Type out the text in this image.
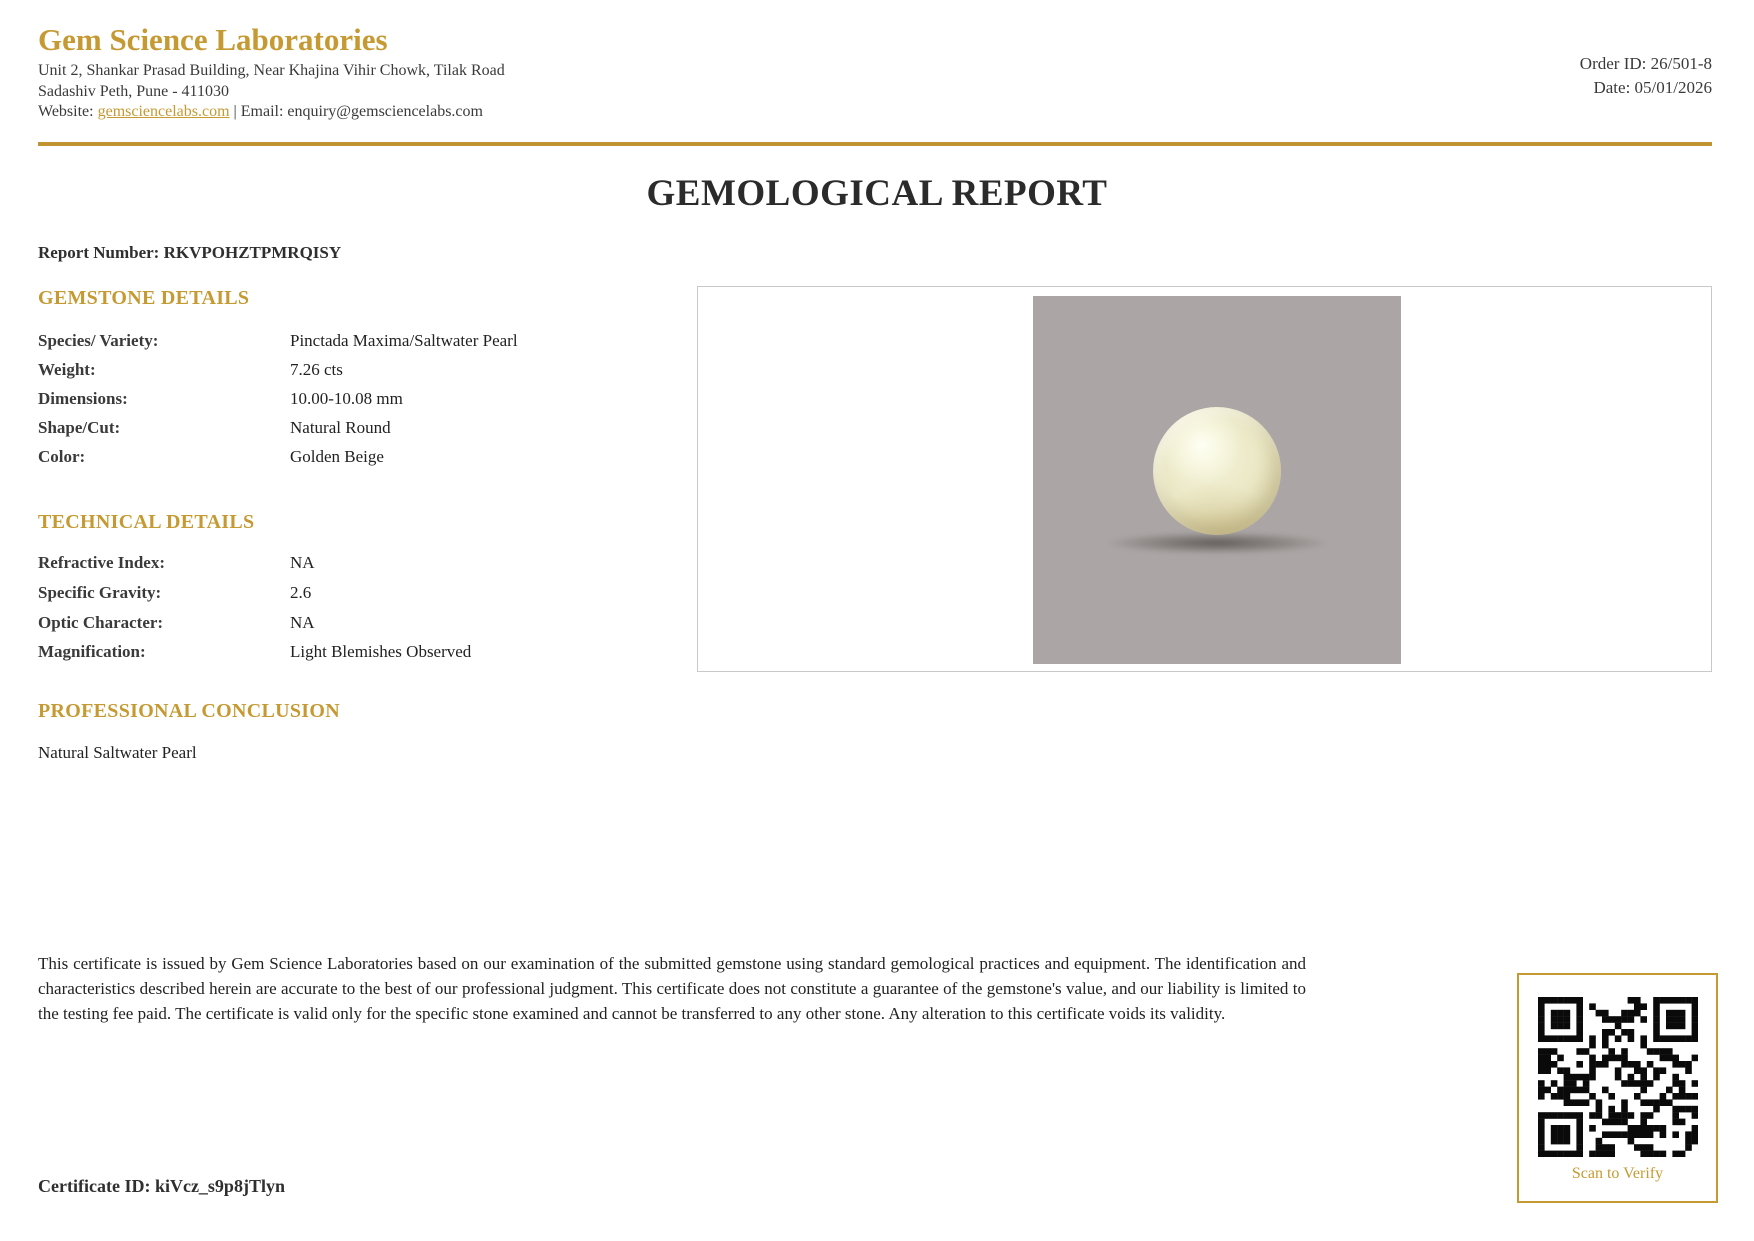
Gem Science Laboratories
Unit 2, Shankar Prasad Building, Near Khajina Vihir Chowk, Tilak Road
Sadashiv Peth, Pune - 411030
Website: gemsciencelabs.com | Email: enquiry@gemsciencelabs.com
Order ID: 26/501-8
Date: 05/01/2026
GEMOLOGICAL REPORT
Report Number: RKVPOHZTPMRQISY
GEMSTONE DETAILS
Species/ Variety:	Pinctada Maxima/Saltwater Pearl
Weight:	7.26 cts
Dimensions:	10.00-10.08 mm
Shape/Cut:	Natural Round
Color:	Golden Beige
TECHNICAL DETAILS
Refractive Index:	NA
Specific Gravity:	2.6
Optic Character:	NA
Magnification:	Light Blemishes Observed
PROFESSIONAL CONCLUSION
Natural Saltwater Pearl
This certificate is issued by Gem Science Laboratories based on our examination of the submitted gemstone using standard gemological practices and equipment. The identification and characteristics described herein are accurate to the best of our professional judgment. This certificate does not constitute a guarantee of the gemstone's value, and our liability is limited to the testing fee paid. The certificate is valid only for the specific stone examined and cannot be transferred to any other stone. Any alteration to this certificate voids its validity.
Scan to Verify
Certificate ID: kiVcz_s9p8jTlyn
